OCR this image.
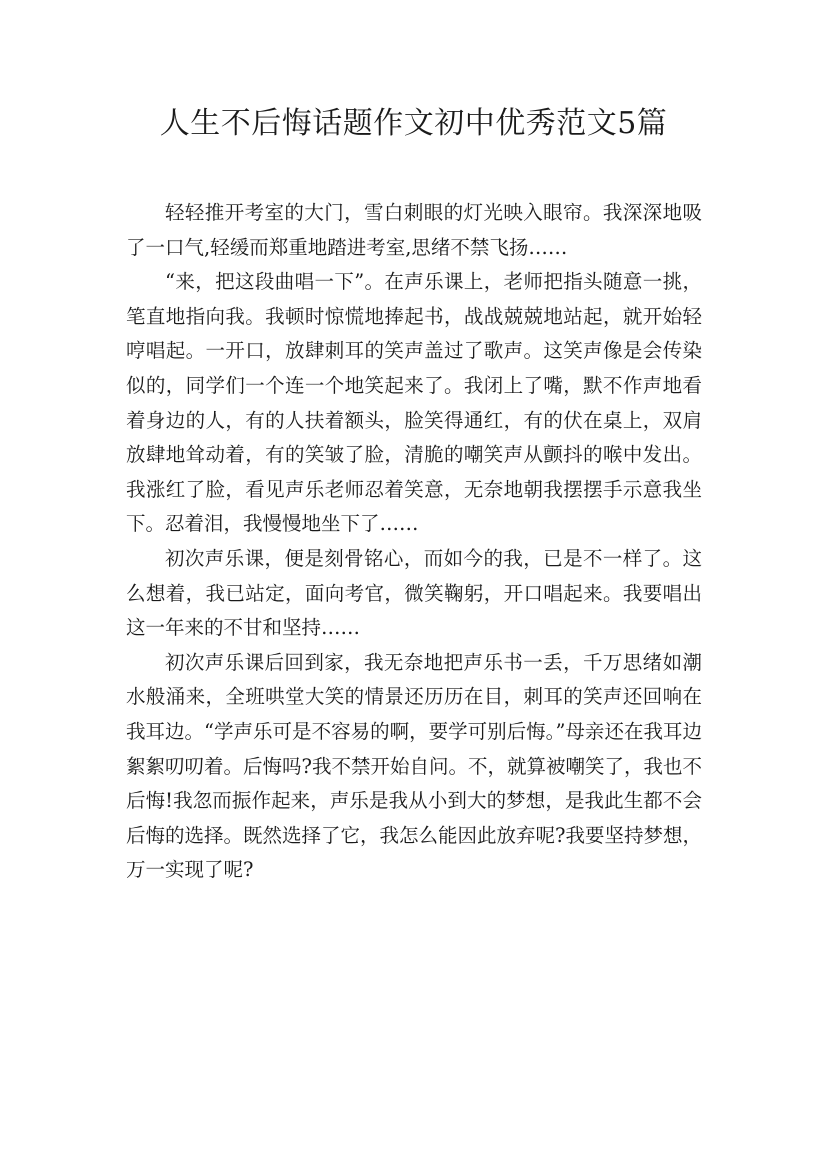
人生不后悔话题作文初中优秀范文5篇

轻轻推开考室的大门，雪白刺眼的灯光映入眼帘。我深深地吸了一口气,轻缓而郑重地踏进考室,思绪不禁飞扬……

“来，把这段曲唱一下”。在声乐课上，老师把指头随意一挑，笔直地指向我。我顿时惊慌地捧起书，战战兢兢地站起，就开始轻哼唱起。一开口，放肆刺耳的笑声盖过了歌声。这笑声像是会传染似的，同学们一个连一个地笑起来了。我闭上了嘴，默不作声地看着身边的人，有的人扶着额头，脸笑得通红，有的伏在桌上，双肩放肆地耸动着，有的笑皱了脸，清脆的嘲笑声从颤抖的喉中发出。我涨红了脸，看见声乐老师忍着笑意，无奈地朝我摆摆手示意我坐下。忍着泪，我慢慢地坐下了……

初次声乐课，便是刻骨铭心，而如今的我，已是不一样了。这么想着，我已站定，面向考官，微笑鞠躬，开口唱起来。我要唱出这一年来的不甘和坚持……

初次声乐课后回到家，我无奈地把声乐书一丢，千万思绪如潮水般涌来，全班哄堂大笑的情景还历历在目，刺耳的笑声还回响在我耳边。“学声乐可是不容易的啊，要学可别后悔。”母亲还在我耳边絮絮叨叨着。后悔吗?我不禁开始自问。不，就算被嘲笑了，我也不后悔!我忽而振作起来，声乐是我从小到大的梦想，是我此生都不会后悔的选择。既然选择了它，我怎么能因此放弃呢?我要坚持梦想，万一实现了呢?
